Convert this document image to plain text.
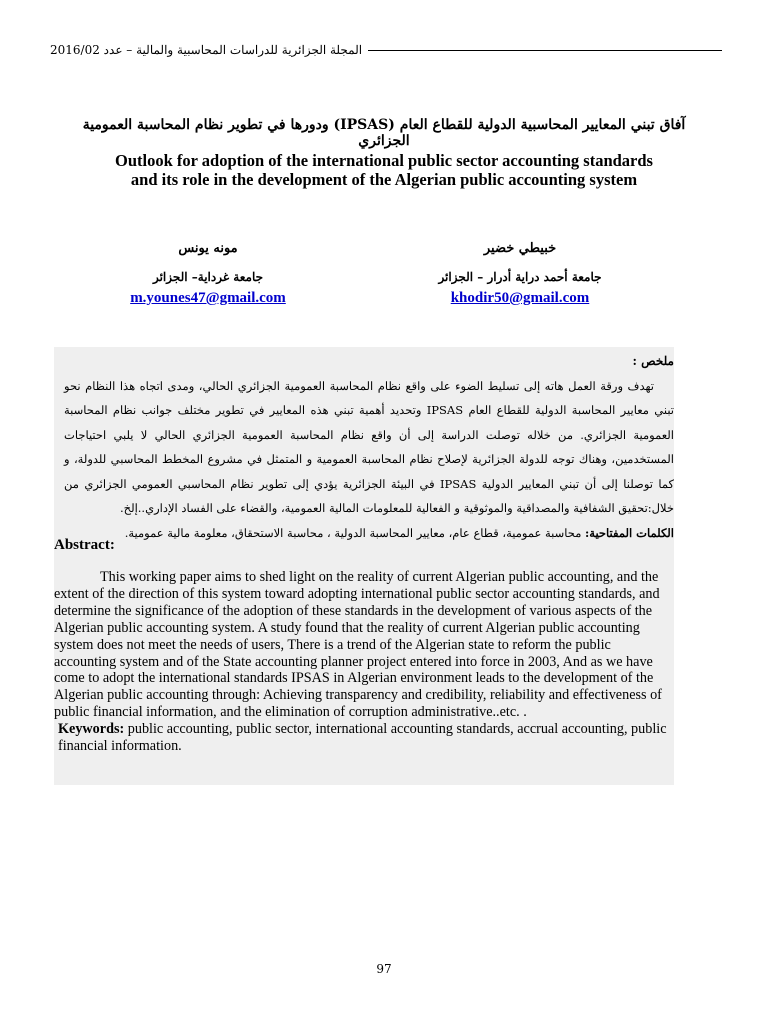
2016/02 المجلة الجزائرية للدراسات المحاسبية والمالية – عدد
آفاق تبني المعايير المحاسبية الدولية للقطاع العام (IPSAS) ودورها في تطوير نظام المحاسبة العمومية الجزائري
Outlook for adoption of the international public sector accounting standards
and its role in the development of the Algerian public accounting system
خبيطي خضير
جامعة أحمد دراية أدرار – الجزائر
khodir50@gmail.com
مونه يونس
جامعة غرداية– الجزائر
m.younes47@gmail.com
ملخص :
تهدف ورقة العمل هاته إلى تسليط الضوء على واقع نظام المحاسبة العمومية الجزائري الحالي، ومدى اتجاه هذا النظام نحو تبني معايير المحاسبة الدولية للقطاع العام IPSAS وتحديد أهمية تبني هذه المعايير في تطوير مختلف جوانب نظام المحاسبة العمومية الجزائري. من خلاله توصلت الدراسة إلى أن واقع نظام المحاسبة العمومية الجزائري الحالي لا يلبي احتياجات المستخدمين، وهناك توجه للدولة الجزائرية لإصلاح نظام المحاسبة العمومية و المتمثل في مشروع المخطط المحاسبي للدولة، و كما توصلنا إلى أن تبني المعايير الدولية IPSAS في البيئة الجزائرية يؤدي إلى تطوير نظام المحاسبي العمومي الجزائري من خلال:تحقيق الشفافية والمصداقية والموثوقية و الفعالية للمعلومات المالية العمومية، والقضاء على الفساد الإداري..إلخ.
الكلمات المفتاحية: محاسبة عمومية، قطاع عام، معايير المحاسبة الدولية ، محاسبة الاستحقاق، معلومة مالية عمومية.
Abstract:

This working paper aims to shed light on the reality of current Algerian public accounting, and the extent of the direction of this system toward adopting international public sector accounting standards, and determine the significance of the adoption of these standards in the development of various aspects of the Algerian public accounting system. A study found that the reality of current Algerian public accounting system does not meet the needs of users, There is a trend of the Algerian state to reform the public accounting system and of the State accounting planner project entered into force in 2003, And as we have come to adopt the international standards IPSAS in Algerian environment leads to the development of the Algerian public accounting through: Achieving transparency and credibility, reliability and effectiveness of public financial information, and the elimination of corruption administrative..etc. .

Keywords: public accounting, public sector, international accounting standards, accrual accounting, public financial information.

97
